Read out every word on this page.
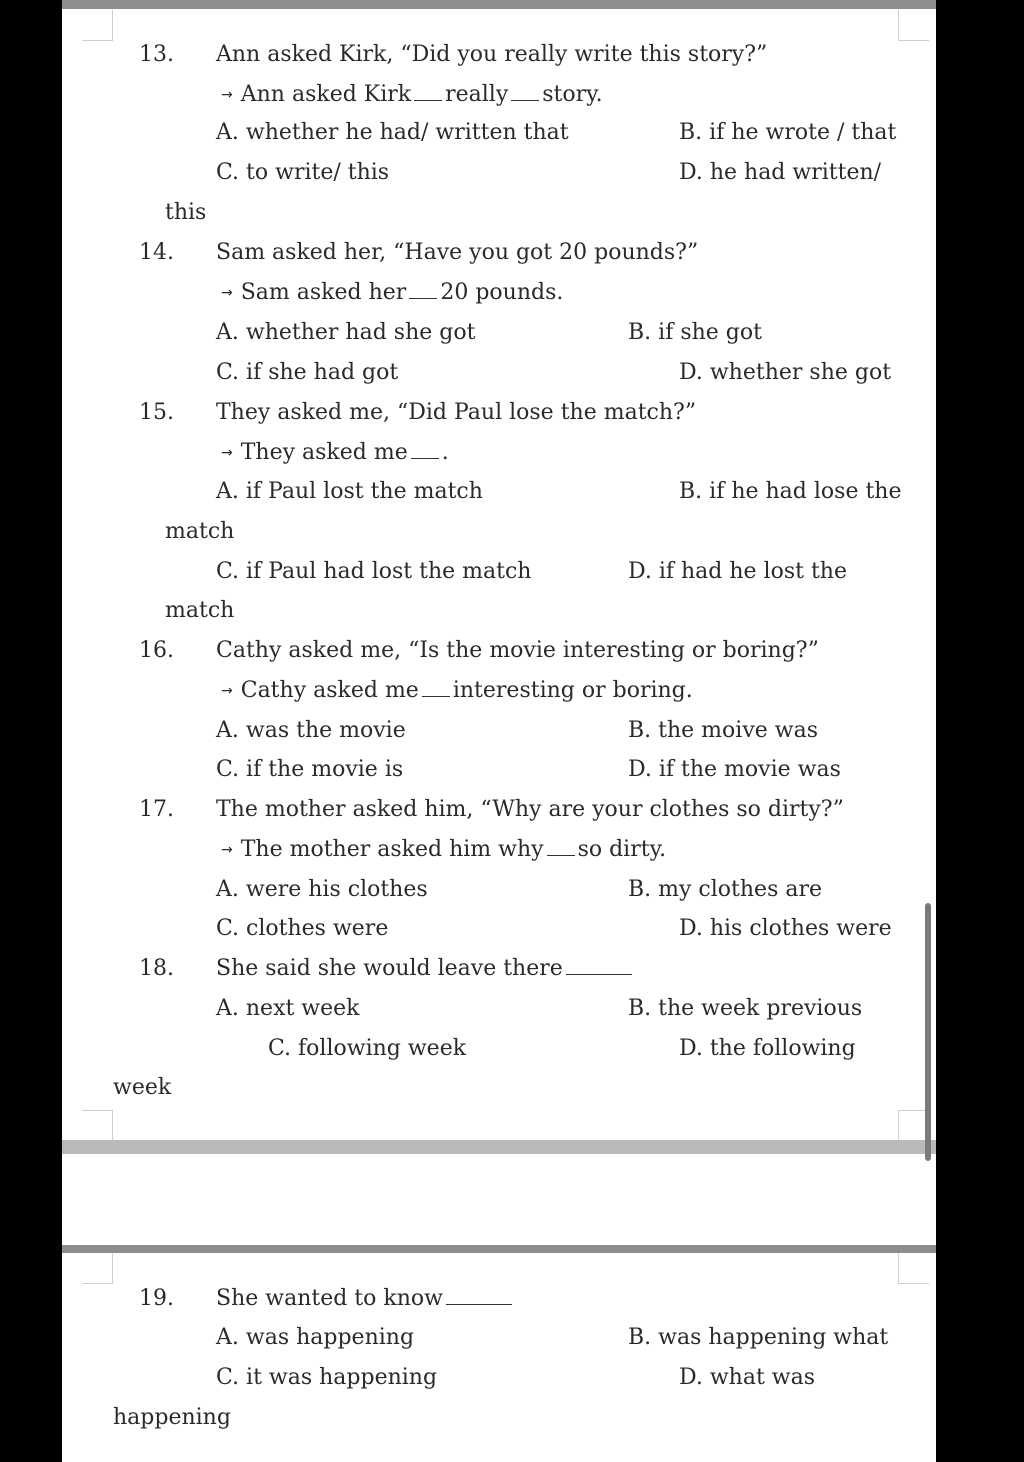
13. Ann asked Kirk, “Did you really write this story?”
→ Ann asked Kirk really story.
A. whether he had/ written that	B. if he wrote / that
C. to write/ this	D. he had written/
this
14. Sam asked her, “Have you got 20 pounds?”
→ Sam asked her 20 pounds.
A. whether had she got	B. if she got
C. if she had got	D. whether she got
15. They asked me, “Did Paul lose the match?”
→ They asked me .
A. if Paul lost the match	B. if he had lose the
match
C. if Paul had lost the match	D. if had he lost the
match
16. Cathy asked me, “Is the movie interesting or boring?”
→ Cathy asked me interesting or boring.
A. was the movie	B. the moive was
C. if the movie is	D. if the movie was
17. The mother asked him, “Why are your clothes so dirty?”
→ The mother asked him why so dirty.
A. were his clothes	B. my clothes are
C. clothes were	D. his clothes were
18. She said she would leave there
A. next week	B. the week previous
C. following week	D. the following
week
19. She wanted to know
A. was happening	B. was happening what
C. it was happening	D. what was
happening
